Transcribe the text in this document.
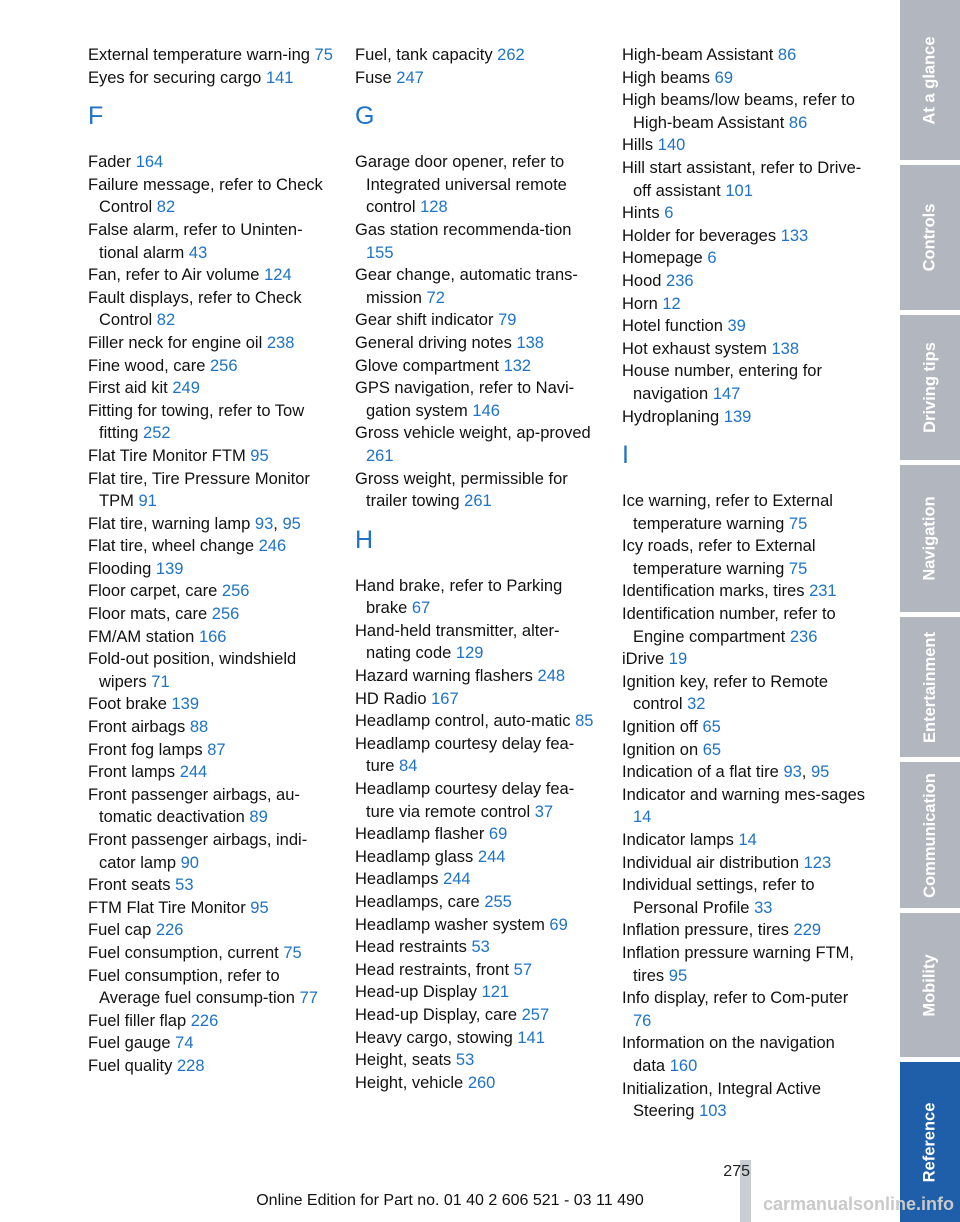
External temperature warn‐ing 75
Eyes for securing cargo 141
F
Fader 164
Failure message, refer to Check Control 82
False alarm, refer to Uninten‐tional alarm 43
Fan, refer to Air volume 124
Fault displays, refer to Check Control 82
Filler neck for engine oil 238
Fine wood, care 256
First aid kit 249
Fitting for towing, refer to Tow fitting 252
Flat Tire Monitor FTM 95
Flat tire, Tire Pressure Monitor TPM 91
Flat tire, warning lamp 93, 95
Flat tire, wheel change 246
Flooding 139
Floor carpet, care 256
Floor mats, care 256
FM/AM station 166
Fold-out position, windshield wipers 71
Foot brake 139
Front airbags 88
Front fog lamps 87
Front lamps 244
Front passenger airbags, au‐tomatic deactivation 89
Front passenger airbags, indi‐cator lamp 90
Front seats 53
FTM Flat Tire Monitor 95
Fuel cap 226
Fuel consumption, current 75
Fuel consumption, refer to Average fuel consump‐tion 77
Fuel filler flap 226
Fuel gauge 74
Fuel quality 228
Fuel, tank capacity 262
Fuse 247
G
Garage door opener, refer to Integrated universal remote control 128
Gas station recommenda‐tion 155
Gear change, automatic trans‐mission 72
Gear shift indicator 79
General driving notes 138
Glove compartment 132
GPS navigation, refer to Navi‐gation system 146
Gross vehicle weight, ap‐proved 261
Gross weight, permissible for trailer towing 261
H
Hand brake, refer to Parking brake 67
Hand-held transmitter, alter‐nating code 129
Hazard warning flashers 248
HD Radio 167
Headlamp control, auto‐matic 85
Headlamp courtesy delay fea‐ture 84
Headlamp courtesy delay fea‐ture via remote control 37
Headlamp flasher 69
Headlamp glass 244
Headlamps 244
Headlamps, care 255
Headlamp washer system 69
Head restraints 53
Head restraints, front 57
Head-up Display 121
Head-up Display, care 257
Heavy cargo, stowing 141
Height, seats 53
Height, vehicle 260
High-beam Assistant 86
High beams 69
High beams/low beams, refer to High-beam Assistant 86
Hills 140
Hill start assistant, refer to Drive-off assistant 101
Hints 6
Holder for beverages 133
Homepage 6
Hood 236
Horn 12
Hotel function 39
Hot exhaust system 138
House number, entering for navigation 147
Hydroplaning 139
I
Ice warning, refer to External temperature warning 75
Icy roads, refer to External temperature warning 75
Identification marks, tires 231
Identification number, refer to Engine compartment 236
iDrive 19
Ignition key, refer to Remote control 32
Ignition off 65
Ignition on 65
Indication of a flat tire 93, 95
Indicator and warning mes‐sages 14
Indicator lamps 14
Individual air distribution 123
Individual settings, refer to Personal Profile 33
Inflation pressure, tires 229
Inflation pressure warning FTM, tires 95
Info display, refer to Com‐puter 76
Information on the navigation data 160
Initialization, Integral Active Steering 103
At a glance
Controls
Driving tips
Navigation
Entertainment
Communication
Mobility
Reference
275
Online Edition for Part no. 01 40 2 606 521 - 03 11 490	carmanualsonline.info
